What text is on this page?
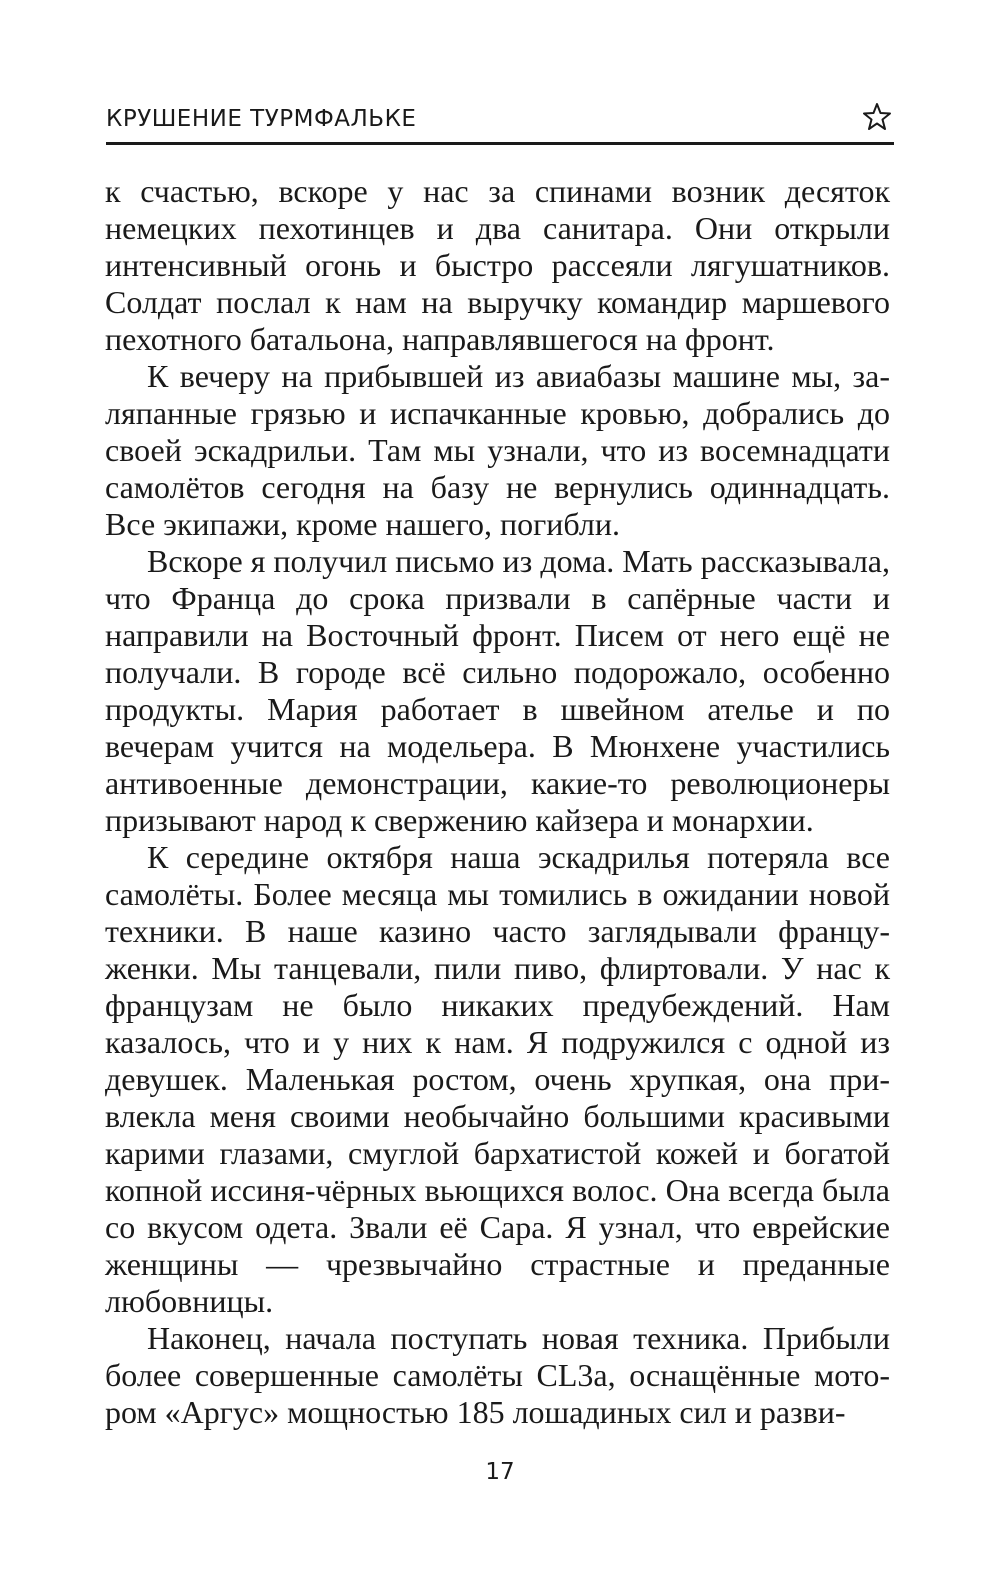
КРУШЕНИЕ ТУРМФАЛЬКЕ

к счастью, вскоре у нас за спинами возник десяток немецких пехотинцев и два санитара. Они открыли интенсивный огонь и быстро рассеяли лягушатников. Солдат послал к нам на выручку командир маршевого пехотного батальона, направлявшегося на фронт.

К вечеру на прибывшей из авиабазы машине мы, заляпанные грязью и испачканные кровью, добрались до своей эскадрильи. Там мы узнали, что из восемнадцати самолётов сегодня на базу не вернулись одиннадцать. Все экипажи, кроме нашего, погибли.

Вскоре я получил письмо из дома. Мать рассказывала, что Франца до срока призвали в сапёрные части и направили на Восточный фронт. Писем от него ещё не получали. В городе всё сильно подорожало, особенно продукты. Мария работает в швейном ателье и по вечерам учится на модельера. В Мюнхене участились антивоенные демонстрации, какие-то революционеры призывают народ к свержению кайзера и монархии.

К середине октября наша эскадрилья потеряла все самолёты. Более месяца мы томились в ожидании новой техники. В наше казино часто заглядывали француженки. Мы танцевали, пили пиво, флиртовали. У нас к французам не было никаких предубеждений. Нам казалось, что и у них к нам. Я подружился с одной из девушек. Маленькая ростом, очень хрупкая, она привлекла меня своими необычайно большими красивыми карими глазами, смуглой бархатистой кожей и богатой копной иссиня-чёрных вьющихся волос. Она всегда была со вкусом одета. Звали её Сара. Я узнал, что еврейские женщины — чрезвычайно страстные и преданные любовницы.

Наконец, начала поступать новая техника. Прибыли более совершенные самолёты CL3a, оснащённые мотором «Аргус» мощностью 185 лошадиных сил и разви-

17
